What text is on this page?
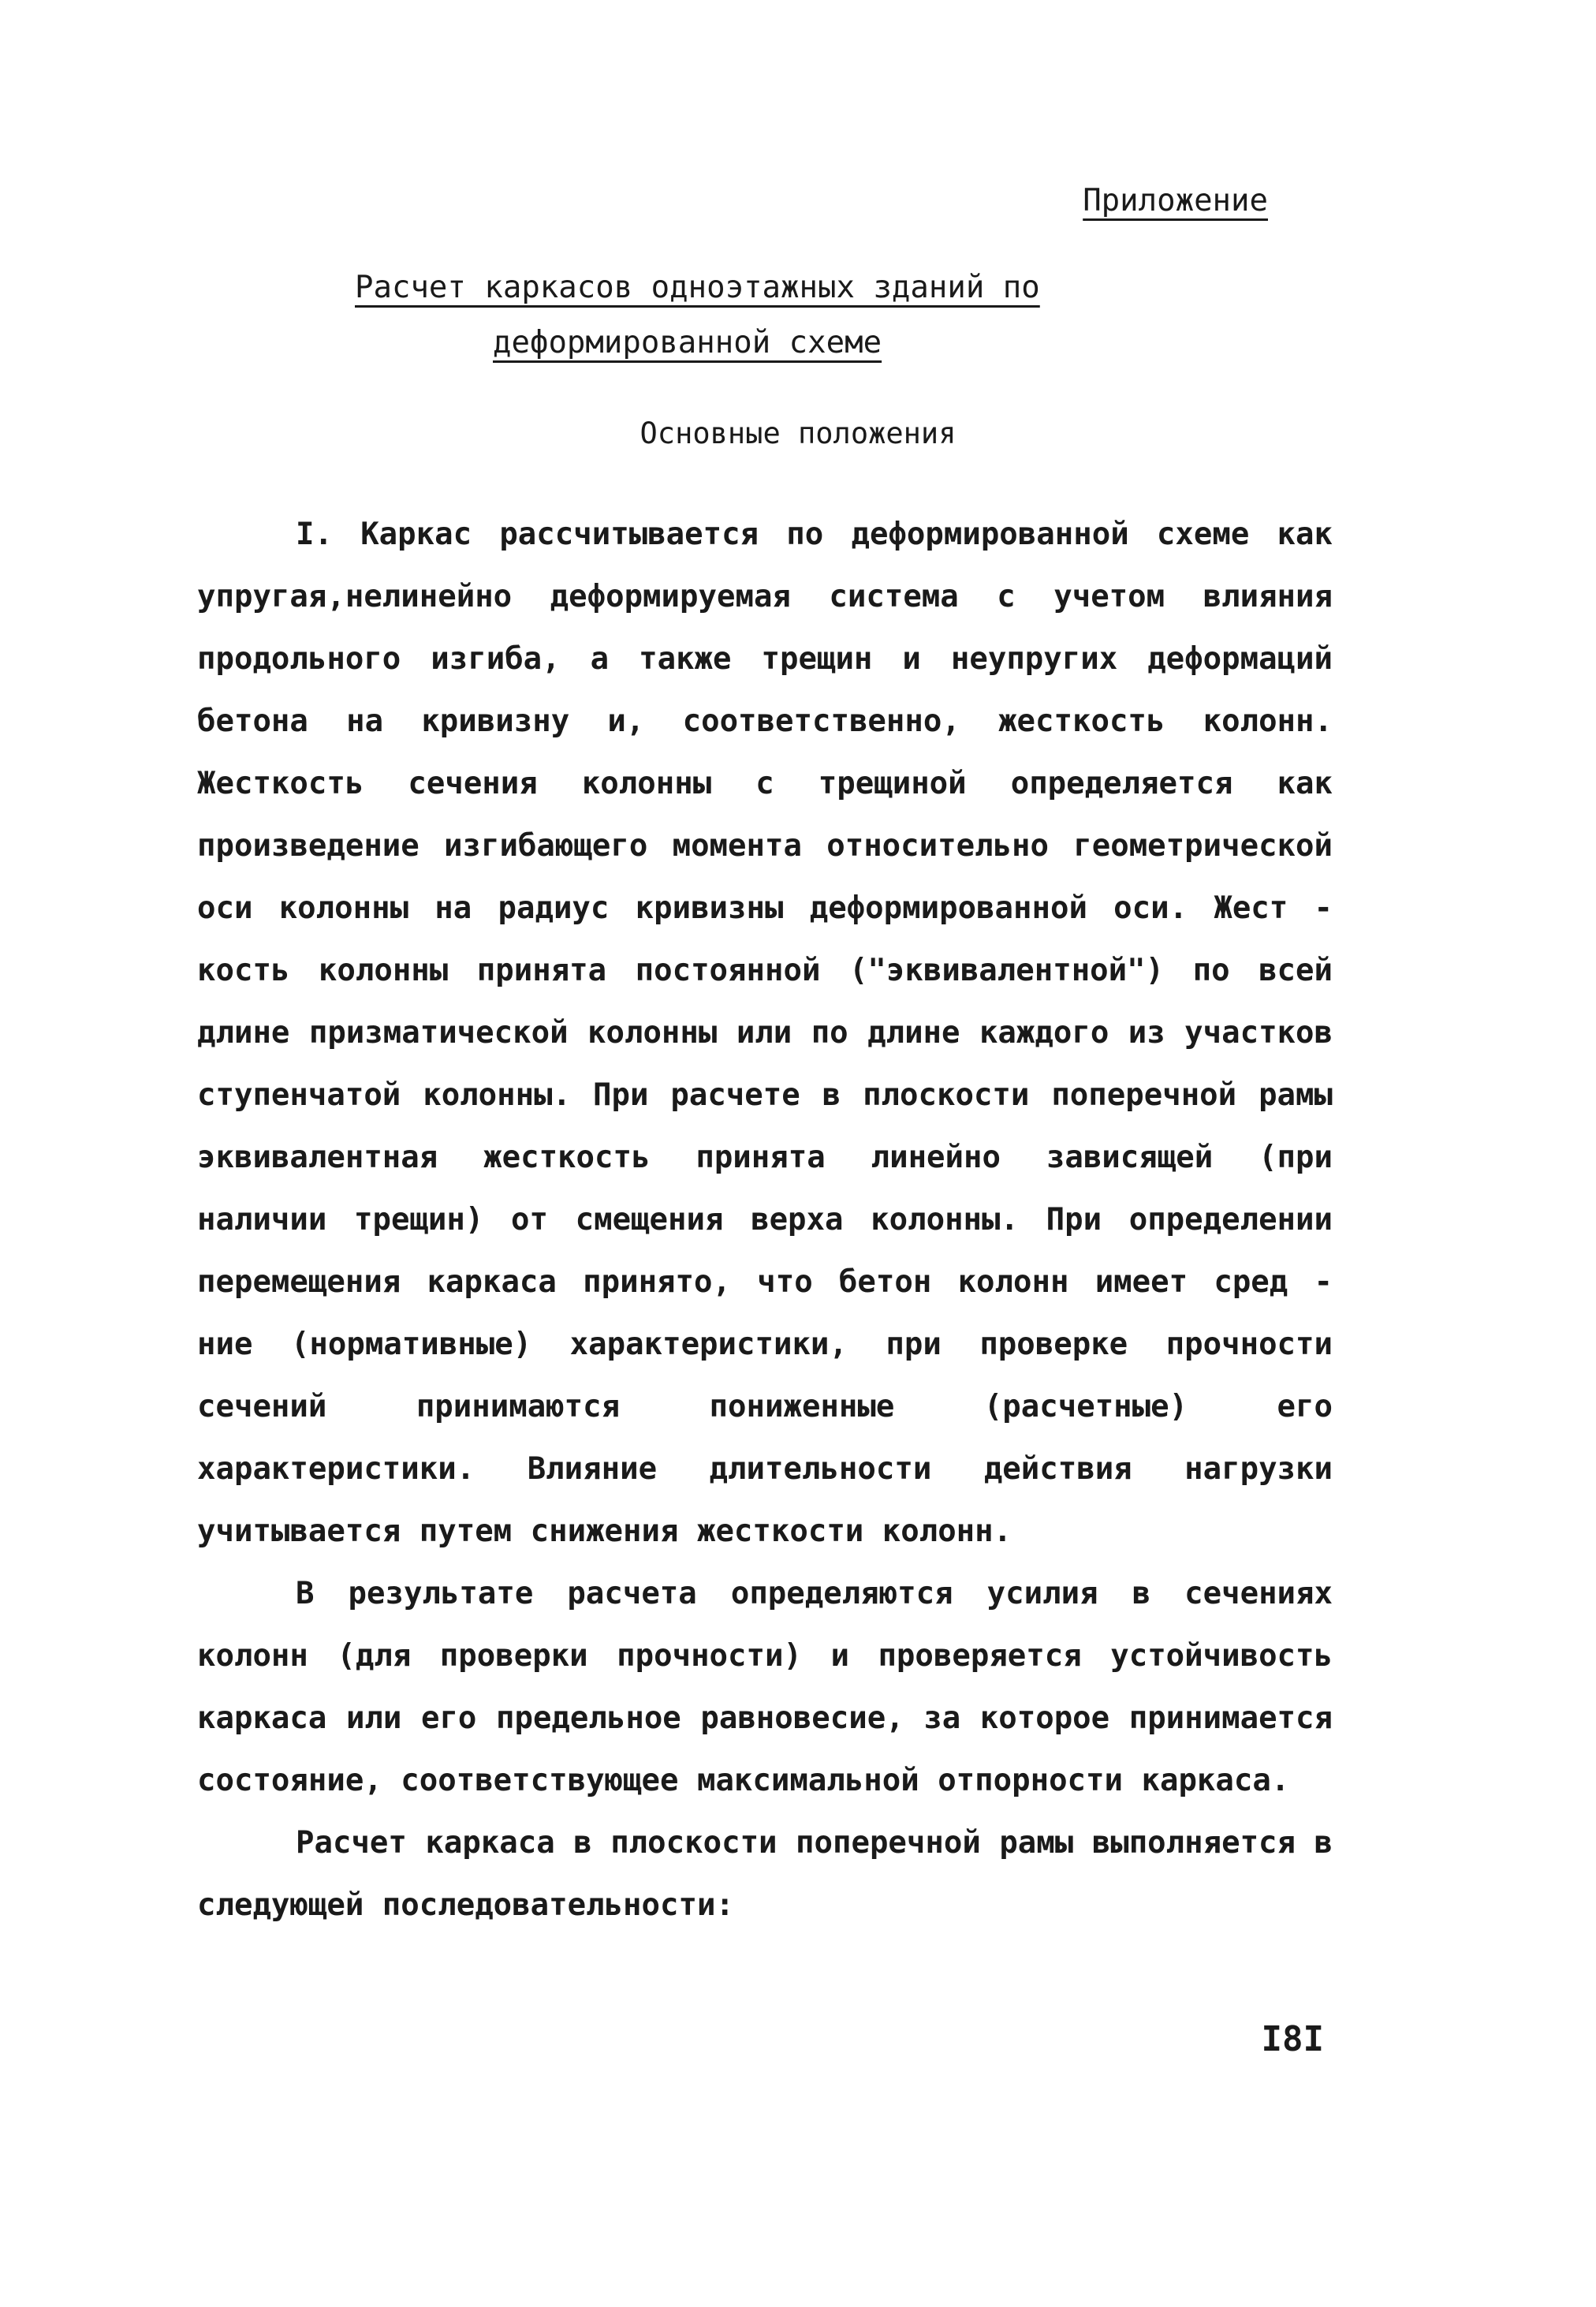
Приложение
Расчет каркасов одноэтажных зданий по
деформированной схеме
Основные положения

I. Каркас рассчитывается по деформированной схеме как упругая,нелинейно деформируемая система с учетом влияния продольного изгиба, а также трещин и неупругих деформаций бетона на кривизну и, соответственно, жесткость колонн. Жесткость сечения колонны с трещиной определяется как произведение изгибающего момента относительно геометрической оси колонны на радиус кривизны деформированной оси. Жест - кость колонны принята постоянной ("эквивалентной") по всей длине призматической колонны или по длине каждого из участков ступенчатой колонны. При расчете в плоскости поперечной рамы эквивалентная жесткость принята линейно зависящей (при наличии трещин) от смещения верха колонны. При определении перемещения каркаса принято, что бетон колонн имеет сред - ние (нормативные) характеристики, при проверке прочности сечений принимаются пониженные (расчетные) его характеристики. Влияние длительности действия нагрузки учитывается путем снижения жесткости колонн.

В результате расчета определяются усилия в сечениях колонн (для проверки прочности) и проверяется устойчивость каркаса или его предельное равновесие, за которое принимается состояние, соответствующее максимальной отпорности каркаса.

Расчет каркаса в плоскости поперечной рамы выполняется в следующей последовательности:

I8I
